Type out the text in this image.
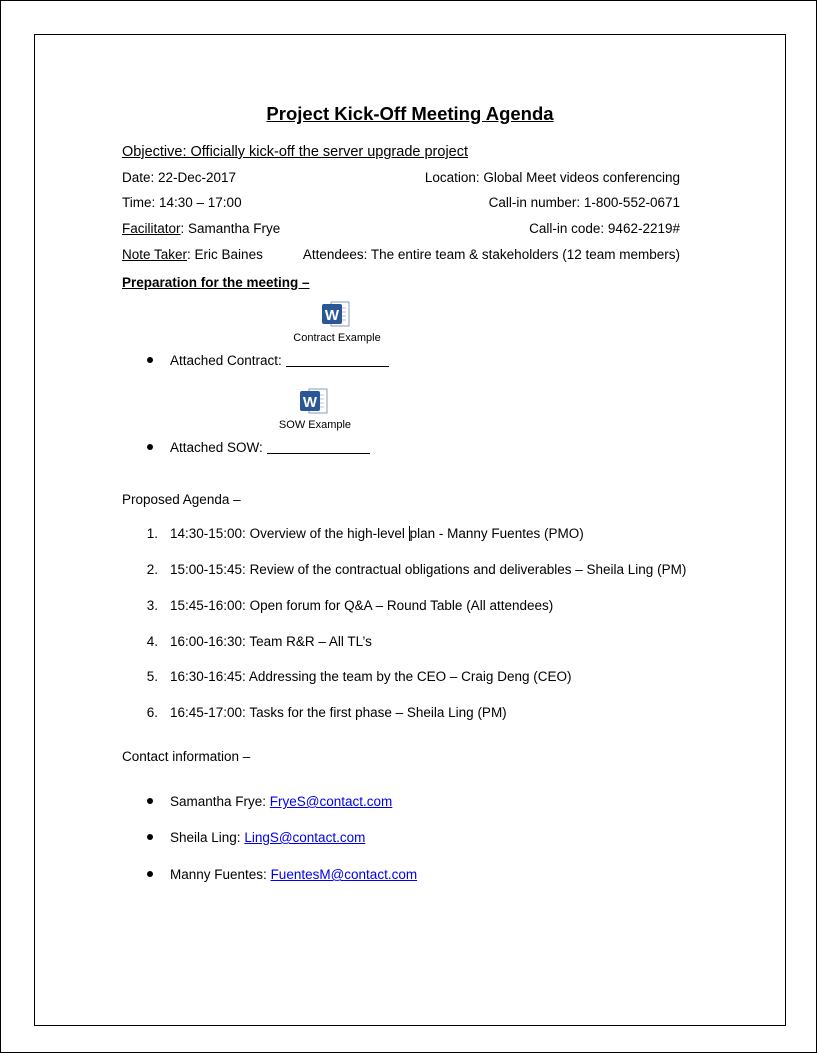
Project Kick-Off Meeting Agenda
Objective: Officially kick-off the server upgrade project
Date: 22-Dec-2017	Location: Global Meet videos conferencing
Time: 14:30 – 17:00	Call-in number: 1-800-552-0671
Facilitator: Samantha Frye	Call-in code: 9462-2219#
Note Taker: Eric Baines	Attendees: The entire team & stakeholders (12 team members)
Preparation for the meeting –
W
Contract Example
Attached Contract:
W
SOW Example
Attached SOW:
Proposed Agenda –
1. 14:30-15:00: Overview of the high-level plan - Manny Fuentes (PMO)
2. 15:00-15:45: Review of the contractual obligations and deliverables – Sheila Ling (PM)
3. 15:45-16:00: Open forum for Q&A – Round Table (All attendees)
4. 16:00-16:30: Team R&R – All TL’s
5. 16:30-16:45: Addressing the team by the CEO – Craig Deng (CEO)
6. 16:45-17:00: Tasks for the first phase – Sheila Ling (PM)
Contact information –
Samantha Frye: FryeS@contact.com
Sheila Ling: LingS@contact.com
Manny Fuentes: FuentesM@contact.com
